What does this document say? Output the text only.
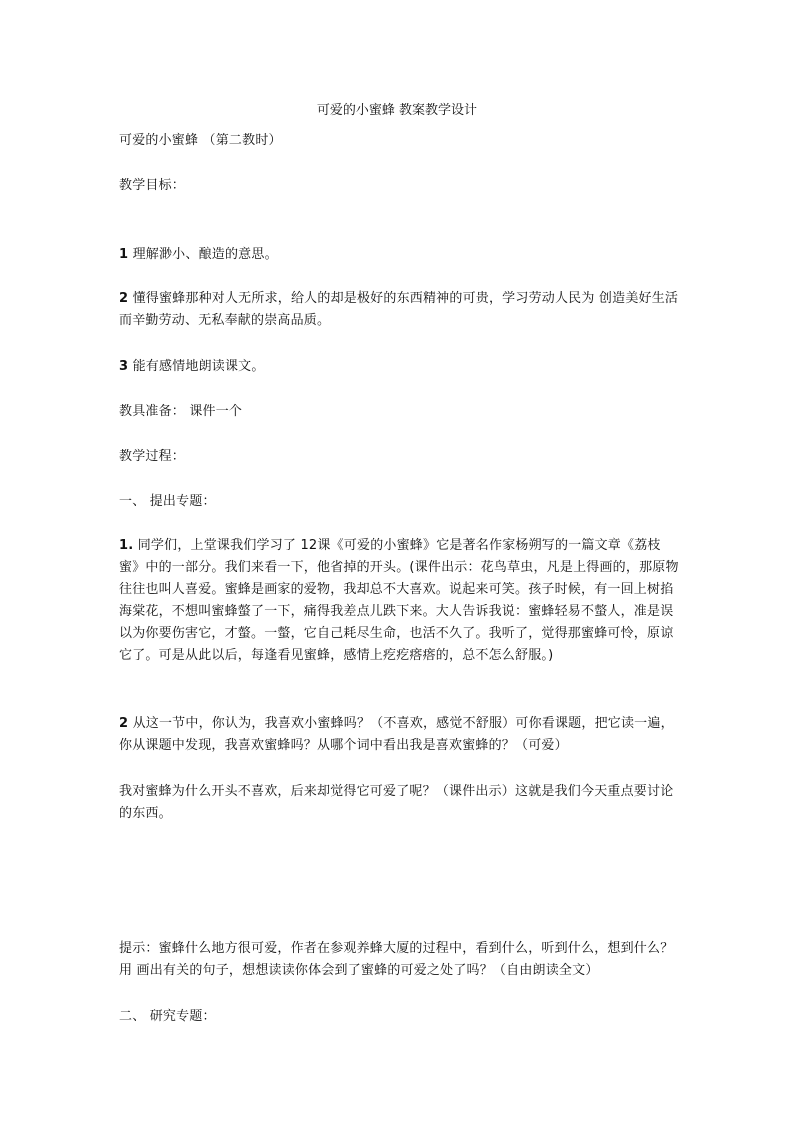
可爱的小蜜蜂 教案教学设计

可爱的小蜜蜂 （第二教时）

教学目标：

1 理解渺小、酿造的意思。

2 懂得蜜蜂那种对人无所求，给人的却是极好的东西精神的可贵，学习劳动人民为 创造美好生活而辛勤劳动、无私奉献的崇高品质。

3 能有感情地朗读课文。

教具准备： 课件一个

教学过程：

一、 提出专题：

1. 同学们，上堂课我们学习了 12课《可爱的小蜜蜂》它是著名作家杨朔写的一篇文章《荔枝蜜》中的一部分。我们来看一下，他省掉的开头。(课件出示：花鸟草虫，凡是上得画的，那原物往往也叫人喜爱。蜜蜂是画家的爱物，我却总不大喜欢。说起来可笑。孩子时候，有一回上树掐海棠花，不想叫蜜蜂螫了一下，痛得我差点儿跌下来。大人告诉我说：蜜蜂轻易不螫人，准是误以为你要伤害它，才螫。一螫，它自己耗尽生命，也活不久了。我听了，觉得那蜜蜂可怜，原谅它了。可是从此以后，每逢看见蜜蜂，感情上疙疙瘩瘩的，总不怎么舒服。)

2 从这一节中，你认为，我喜欢小蜜蜂吗？（不喜欢，感觉不舒服）可你看课题，把它读一遍，你从课题中发现，我喜欢蜜蜂吗？从哪个词中看出我是喜欢蜜蜂的？（可爱）

我对蜜蜂为什么开头不喜欢，后来却觉得它可爱了呢？（课件出示）这就是我们今天重点要讨论的东西。

提示：蜜蜂什么地方很可爱，作者在参观养蜂大厦的过程中，看到什么，听到什么，想到什么？用 画出有关的句子，想想读读你体会到了蜜蜂的可爱之处了吗？（自由朗读全文）

二、 研究专题：
